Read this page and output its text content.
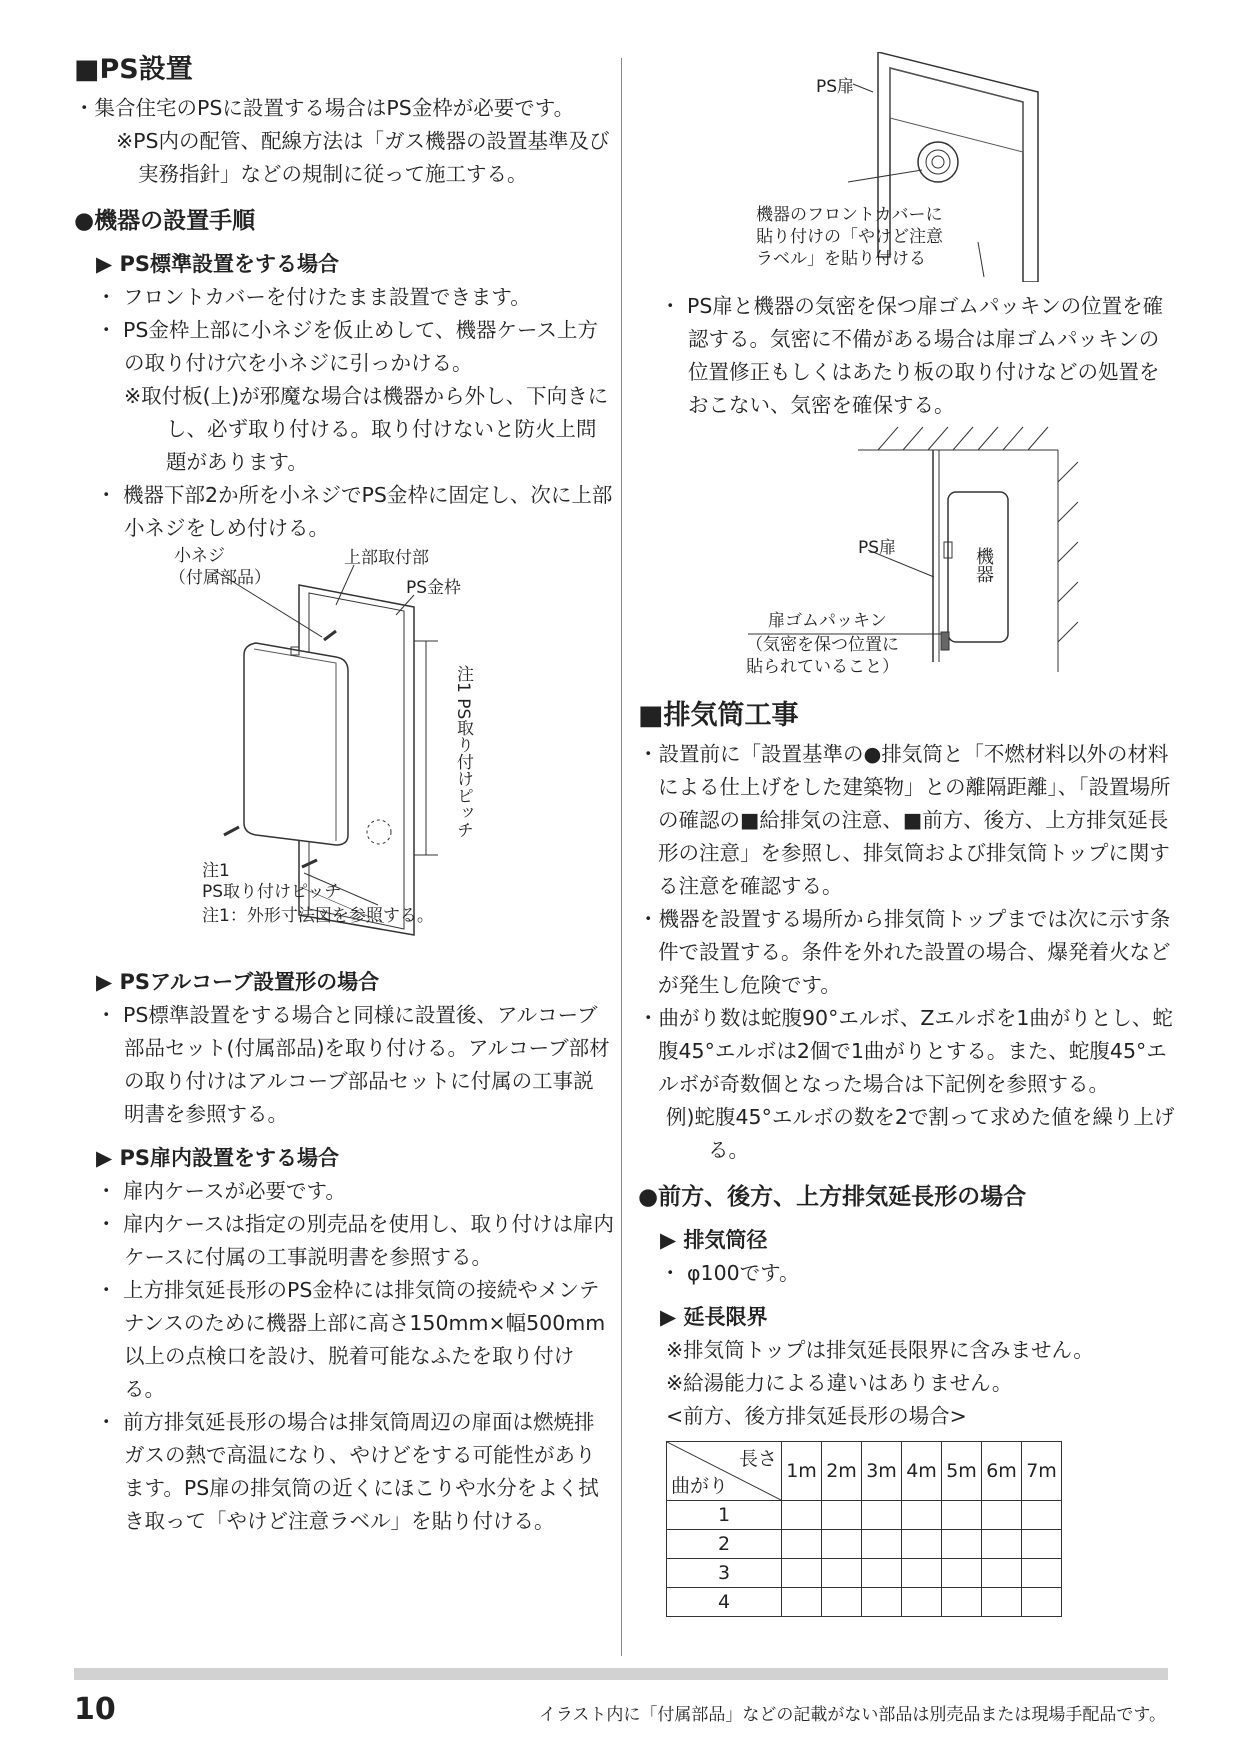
■PS設置

・集合住宅のPSに設置する場合はPS金枠が必要です。

※PS内の配管、配線方法は「ガス機器の設置基準及び実務指針」などの規制に従って施工する。

●機器の設置手順
▶ PS標準設置をする場合

・ フロントカバーを付けたまま設置できます。

・ PS金枠上部に小ネジを仮止めして、機器ケース上方の取り付け穴を小ネジに引っかける。

※取付板(上)が邪魔な場合は機器から外し、下向きにし、必ず取り付ける。取り付けないと防火上問題があります。

・ 機器下部2か所を小ネジでPS金枠に固定し、次に上部小ネジをしめ付ける。

小ネジ
（付属部品）
上部取付部
PS金枠
注1 PS取り付けピッチ
注1
PS取り付けピッチ
注1：外形寸法図を参照する。
▶ PSアルコーブ設置形の場合

・ PS標準設置をする場合と同様に設置後、アルコーブ部品セット(付属部品)を取り付ける。アルコーブ部材の取り付けはアルコーブ部品セットに付属の工事説明書を参照する。

▶ PS扉内設置をする場合

・ 扉内ケースが必要です。

・ 扉内ケースは指定の別売品を使用し、取り付けは扉内ケースに付属の工事説明書を参照する。

・ 上方排気延長形のPS金枠には排気筒の接続やメンテナンスのために機器上部に高さ150mm×幅500mm以上の点検口を設け、脱着可能なふたを取り付ける。

・ 前方排気延長形の場合は排気筒周辺の扉面は燃焼排ガスの熱で高温になり、やけどをする可能性があります。PS扉の排気筒の近くにほこりや水分をよく拭き取って「やけど注意ラベル」を貼り付ける。

PS扉
機器のフロントカバーに
貼り付けの「やけど注意
ラベル」を貼り付ける

・ PS扉と機器の気密を保つ扉ゴムパッキンの位置を確認する。気密に不備がある場合は扉ゴムパッキンの位置修正もしくはあたり板の取り付けなどの処置をおこない、気密を確保する。

PS扉	機器
扉ゴムパッキン
（気密を保つ位置に
貼られていること）
■排気筒工事

・設置前に「設置基準の●排気筒と「不燃材料以外の材料による仕上げをした建築物」との離隔距離」、「設置場所の確認の■給排気の注意、■前方、後方、上方排気延長形の注意」を参照し、排気筒および排気筒トップに関する注意を確認する。

・機器を設置する場所から排気筒トップまでは次に示す条件で設置する。条件を外れた設置の場合、爆発着火などが発生し危険です。

・曲がり数は蛇腹90°エルボ、Zエルボを1曲がりとし、蛇腹45°エルボは2個で1曲がりとする。また、蛇腹45°エルボが奇数個となった場合は下記例を参照する。

例)蛇腹45°エルボの数を2で割って求めた値を繰り上げる。

●前方、後方、上方排気延長形の場合
▶ 排気筒径

・ φ100です。

▶ 延長限界

※排気筒トップは排気延長限界に含みません。

※給湯能力による違いはありません。

<前方、後方排気延長形の場合>

長さ
曲がり	1m	2m	3m	4m	5m	6m	7m
1							
2							
3							
4							
10	イラスト内に「付属部品」などの記載がない部品は別売品または現場手配品です。
